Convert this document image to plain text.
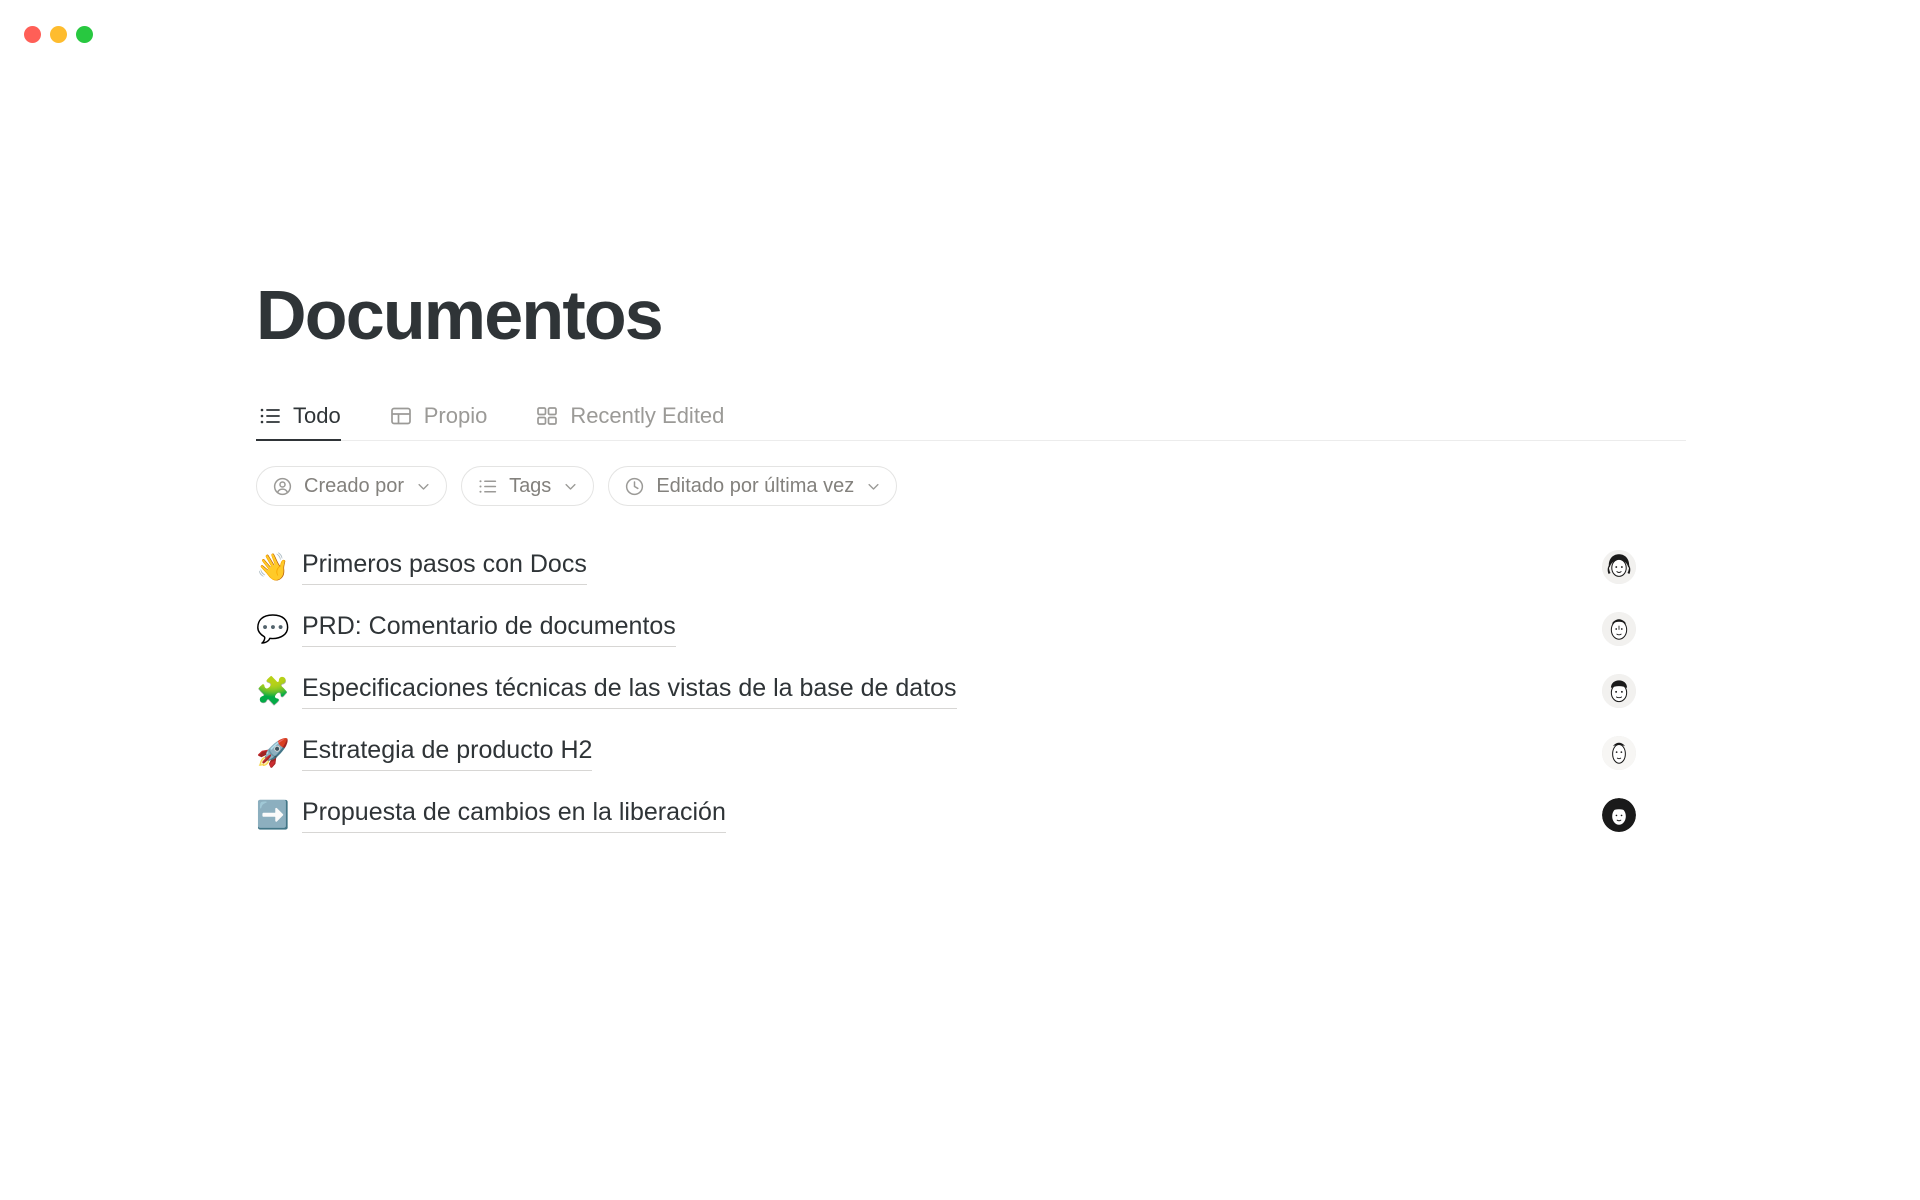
Documentos
Todo	Propio	Recently Edited
Creado por	Tags	Editado por última vez
👋 Primeros pasos con Docs
💬 PRD: Comentario de documentos
🧩 Especificaciones técnicas de las vistas de la base de datos
🚀 Estrategia de producto H2
➡️ Propuesta de cambios en la liberación
